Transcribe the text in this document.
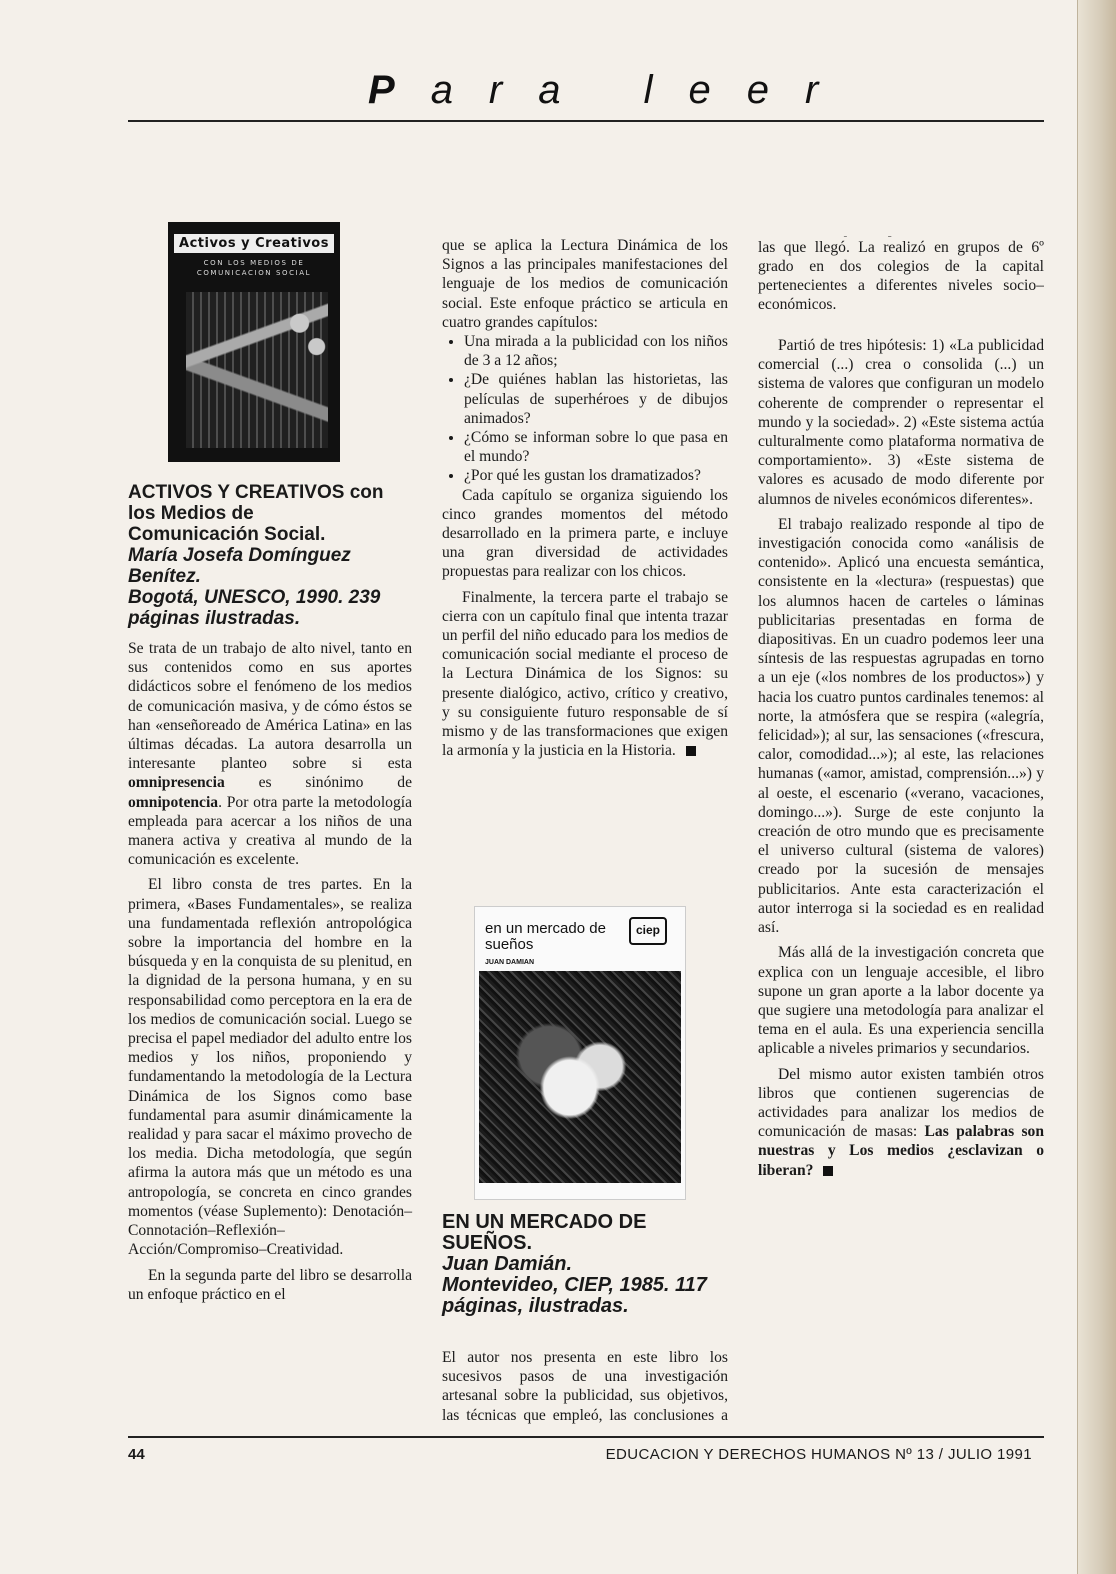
Para leer
Activos y Creativos
CON LOS MEDIOS DE COMUNICACION SOCIAL
ACTIVOS Y CREATIVOS con
los Medios de
Comunicación Social.
María Josefa Domínguez Benítez.
Bogotá, UNESCO, 1990. 239 páginas ilustradas.

Se trata de un trabajo de alto nivel, tanto en sus contenidos como en sus aportes didácticos sobre el fenómeno de los medios de comunicación masiva, y de cómo éstos se han «enseñoreado de América Latina» en las últimas décadas. La autora desarrolla un interesante planteo sobre si esta omnipresencia es sinónimo de omnipotencia. Por otra parte la metodología empleada para acercar a los niños de una manera activa y creativa al mundo de la comunicación es excelente.

El libro consta de tres partes. En la primera, «Bases Fundamentales», se realiza una fundamentada reflexión antropológica sobre la importancia del hombre en la búsqueda y en la conquista de su plenitud, en la dignidad de la persona humana, y en su responsabilidad como perceptora en la era de los medios de comunicación social. Luego se precisa el papel mediador del adulto entre los medios y los niños, proponiendo y fundamentando la metodología de la Lectura Dinámica de los Signos como base fundamental para asumir dinámicamente la realidad y para sacar el máximo provecho de los media. Dicha metodología, que según afirma la autora más que un método es una antropología, se concreta en cinco grandes momentos (véase Suplemento): Denotación–Connotación–Reflexión–Acción/Compromiso–Creatividad.

En la segunda parte del libro se desarrolla un enfoque práctico en el

que se aplica la Lectura Dinámica de los Signos a las principales manifestaciones del lenguaje de los medios de comunicación social. Este enfoque práctico se articula en cuatro grandes capítulos:

• Una mirada a la publicidad con los niños de 3 a 12 años;
• ¿De quiénes hablan las historietas, las películas de superhéroes y de dibujos animados?
• ¿Cómo se informan sobre lo que pasa en el mundo?
• ¿Por qué les gustan los dramatizados?

Cada capítulo se organiza siguiendo los cinco grandes momentos del método desarrollado en la primera parte, e incluye una gran diversidad de actividades propuestas para realizar con los chicos.

Finalmente, la tercera parte el trabajo se cierra con un capítulo final que intenta trazar un perfil del niño educado para los medios de comunicación social mediante el proceso de la Lectura Dinámica de los Signos: su presente dialógico, activo, crítico y creativo, y su consiguiente futuro responsable de sí mismo y de las transformaciones que exigen la armonía y la justicia en la Historia.

en un mercado de sueños
ciep
JUAN DAMIAN
EN UN MERCADO DE
SUEÑOS.
Juan Damián.
Montevideo, CIEP, 1985. 117 páginas, ilustradas.

El autor nos presenta en este libro los sucesivos pasos de una investigación artesanal sobre la publicidad, sus objetivos, las técnicas que empleó, las conclusiones a

las que llegó. La realizó en grupos de 6º grado en dos colegios de la capital pertenecientes a diferentes niveles socio–económicos.

Partió de tres hipótesis: 1) «La publicidad comercial (...) crea o consolida (...) un sistema de valores que configuran un modelo coherente de comprender o representar el mundo y la sociedad». 2) «Este sistema actúa culturalmente como plataforma normativa de comportamiento». 3) «Este sistema de valores es acusado de modo diferente por alumnos de niveles económicos diferentes».

El trabajo realizado responde al tipo de investigación conocida como «análisis de contenido». Aplicó una encuesta semántica, consistente en la «lectura» (respuestas) que los alumnos hacen de carteles o láminas publicitarias presentadas en forma de diapositivas. En un cuadro podemos leer una síntesis de las respuestas agrupadas en torno a un eje («los nombres de los productos») y hacia los cuatro puntos cardinales tenemos: al norte, la atmósfera que se respira («alegría, felicidad»); al sur, las sensaciones («frescura, calor, comodidad...»); al este, las relaciones humanas («amor, amistad, comprensión...») y al oeste, el escenario («verano, vacaciones, domingo...»). Surge de este conjunto la creación de otro mundo que es precisamente el universo cultural (sistema de valores) creado por la sucesión de mensajes publicitarios. Ante esta caracterización el autor interroga si la sociedad es en realidad así.

Más allá de la investigación concreta que explica con un lenguaje accesible, el libro supone un gran aporte a la labor docente ya que sugiere una metodología para analizar el tema en el aula. Es una experiencia sencilla aplicable a niveles primarios y secundarios.

Del mismo autor existen también otros libros que contienen sugerencias de actividades para analizar los medios de comunicación de masas: Las palabras son nuestras y Los medios ¿esclavizan o liberan?

44	EDUCACION Y DERECHOS HUMANOS Nº 13 / JULIO 1991
